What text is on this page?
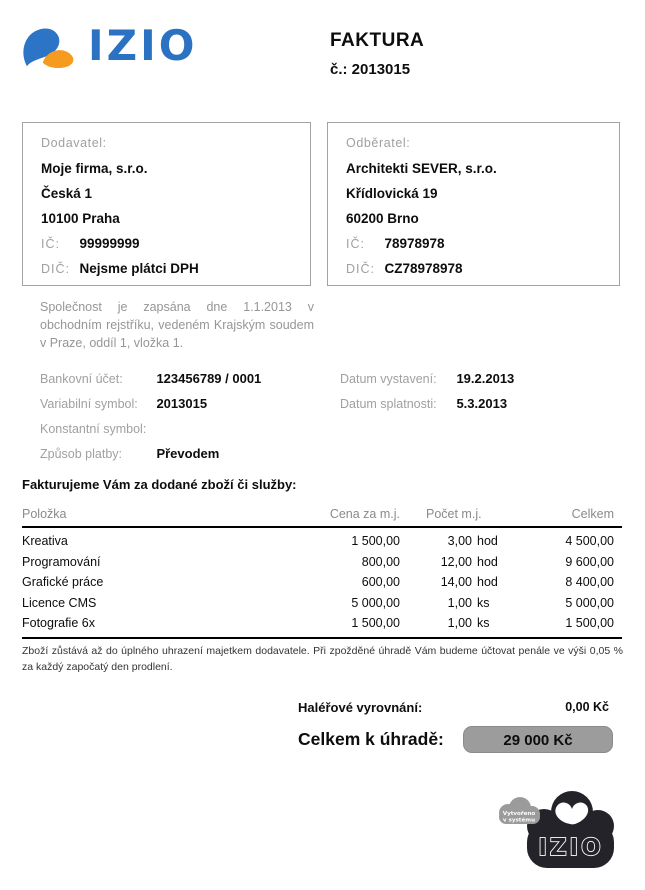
IZIO	FAKTURA
č.: 2013015
Dodavatel:
Moje firma, s.r.o.
Česká 1
10100 Praha
IČ: 99999999
DIČ: Nejsme plátci DPH
Odběratel:
Architekti SEVER, s.r.o.
Křídlovická 19
60200 Brno
IČ: 78978978
DIČ: CZ78978978
Společnost je zapsána dne 1.1.2013 v obchodním rejstříku, vedeném Krajským soudem v Praze, oddíl 1, vložka 1.
Bankovní účet:	123456789 / 0001
Variabilní symbol: 2013015
Konstantní symbol:
Způsob platby:	Převodem
Datum vystavení: 19.2.2013
Datum splatnosti: 5.3.2013
Fakturujeme Vám za dodané zboží či služby:
Položka	Cena za m.j.	Počet m.j.	Celkem
Kreativa	1 500,00	3,00 hod	4 500,00
Programování	800,00	12,00 hod	9 600,00
Grafické práce	600,00	14,00 hod	8 400,00
Licence CMS	5 000,00	1,00 ks	5 000,00
Fotografie 6x	1 500,00	1,00 ks	1 500,00
Zboží zůstává až do úplného uhrazení majetkem dodavatele. Při zpožděné úhradě Vám budeme účtovat penále ve výši 0,05 % za každý započatý den prodlení.
Haléřové vyrovnání:	0,00 Kč
Celkem k úhradě:	29 000 Kč
IZIO
Vytvořeno
v systému
